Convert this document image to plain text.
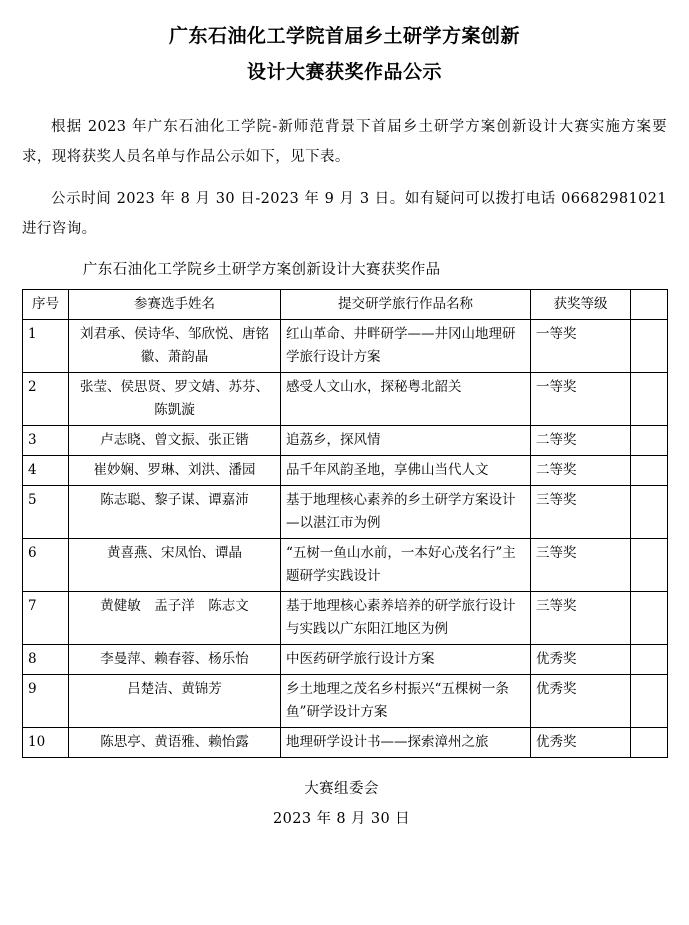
广东石油化工学院首届乡土研学方案创新
设计大赛获奖作品公示
根据 2023 年广东石油化工学院-新师范背景下首届乡土研学方案创新设计大赛实施方案要求，现将获奖人员名单与作品公示如下，见下表。
公示时间 2023 年 8 月 30 日-2023 年 9 月 3 日。如有疑问可以拨打电话 06682981021 进行咨询。
广东石油化工学院乡土研学方案创新设计大赛获奖作品
序号	参赛选手姓名	提交研学旅行作品名称	获奖等级	
1	刘君承、侯诗华、邹欣悦、唐铭徽、萧韵晶	红山革命、井畔研学——井冈山地理研学旅行设计方案	一等奖	
2	张莹、侯思贤、罗文婧、苏芬、陈凱漩	感受人文山水，探秘粤北韶关	一等奖	
3	卢志晓、曾文振、张正锴	追荔乡，探风情	二等奖	
4	崔妙娴、罗琳、刘洪、潘园	品千年风韵圣地，享佛山当代人文	二等奖	
5	陈志聪、黎子谋、谭嘉沛	基于地理核心素养的乡土研学方案设计—以湛江市为例	三等奖	
6	黄喜燕、宋凤怡、谭晶	“五树一鱼山水前，一本好心茂名行”主题研学实践设计	三等奖	
7	黄健敏　盂子洋　陈志文	基于地理核心素养培养的研学旅行设计与实践以广东阳江地区为例	三等奖	
8	李曼萍、赖春蓉、杨乐怡	中医药研学旅行设计方案	优秀奖	
9	吕楚洁、黄锦芳	乡土地理之茂名乡村振兴“五棵树一条鱼”研学设计方案	优秀奖	
10	陈思亭、黄语雅、赖怡露	地理研学设计书——探索漳州之旅	优秀奖	
大赛组委会
2023 年 8 月 30 日
